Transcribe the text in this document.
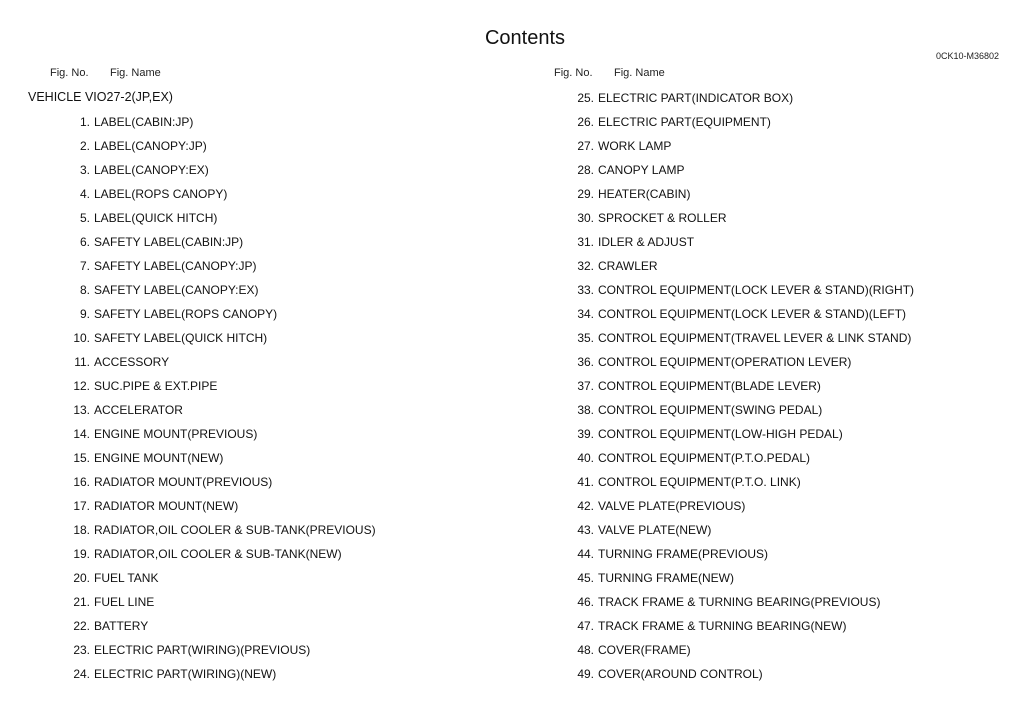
Contents
0CK10-M36802
Fig. No. Fig. Name
VEHICLE VIO27-2(JP,EX)
1. LABEL(CABIN:JP)
2. LABEL(CANOPY:JP)
3. LABEL(CANOPY:EX)
4. LABEL(ROPS CANOPY)
5. LABEL(QUICK HITCH)
6. SAFETY LABEL(CABIN:JP)
7. SAFETY LABEL(CANOPY:JP)
8. SAFETY LABEL(CANOPY:EX)
9. SAFETY LABEL(ROPS CANOPY)
10. SAFETY LABEL(QUICK HITCH)
11. ACCESSORY
12. SUC.PIPE & EXT.PIPE
13. ACCELERATOR
14. ENGINE MOUNT(PREVIOUS)
15. ENGINE MOUNT(NEW)
16. RADIATOR MOUNT(PREVIOUS)
17. RADIATOR MOUNT(NEW)
18. RADIATOR,OIL COOLER & SUB-TANK(PREVIOUS)
19. RADIATOR,OIL COOLER & SUB-TANK(NEW)
20. FUEL TANK
21. FUEL LINE
22. BATTERY
23. ELECTRIC PART(WIRING)(PREVIOUS)
24. ELECTRIC PART(WIRING)(NEW)
Fig. No. Fig. Name
25. ELECTRIC PART(INDICATOR BOX)
26. ELECTRIC PART(EQUIPMENT)
27. WORK LAMP
28. CANOPY LAMP
29. HEATER(CABIN)
30. SPROCKET & ROLLER
31. IDLER & ADJUST
32. CRAWLER
33. CONTROL EQUIPMENT(LOCK LEVER & STAND)(RIGHT)
34. CONTROL EQUIPMENT(LOCK LEVER & STAND)(LEFT)
35. CONTROL EQUIPMENT(TRAVEL LEVER & LINK STAND)
36. CONTROL EQUIPMENT(OPERATION LEVER)
37. CONTROL EQUIPMENT(BLADE LEVER)
38. CONTROL EQUIPMENT(SWING PEDAL)
39. CONTROL EQUIPMENT(LOW-HIGH PEDAL)
40. CONTROL EQUIPMENT(P.T.O.PEDAL)
41. CONTROL EQUIPMENT(P.T.O. LINK)
42. VALVE PLATE(PREVIOUS)
43. VALVE PLATE(NEW)
44. TURNING FRAME(PREVIOUS)
45. TURNING FRAME(NEW)
46. TRACK FRAME & TURNING BEARING(PREVIOUS)
47. TRACK FRAME & TURNING BEARING(NEW)
48. COVER(FRAME)
49. COVER(AROUND CONTROL)
